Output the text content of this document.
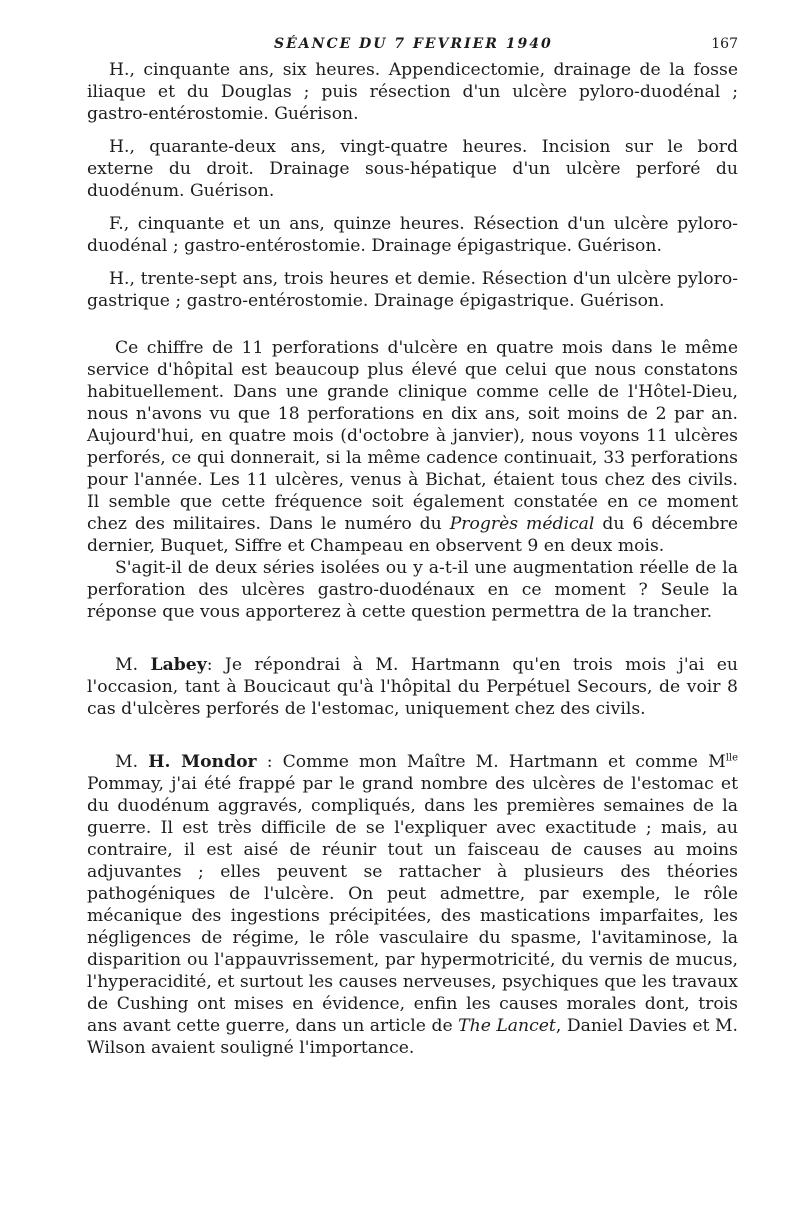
SÉANCE DU 7 FEVRIER 1940	167

H., cinquante ans, six heures. Appendicectomie, drainage de la fosse iliaque et du Douglas ; puis résection d'un ulcère pyloro-duodénal ; gastro-entérostomie. Guérison.

H., quarante-deux ans, vingt-quatre heures. Incision sur le bord externe du droit. Drainage sous-hépatique d'un ulcère perforé du duodénum. Guérison.

F., cinquante et un ans, quinze heures. Résection d'un ulcère pyloro-duodénal ; gastro-entérostomie. Drainage épigastrique. Guérison.

H., trente-sept ans, trois heures et demie. Résection d'un ulcère pyloro-gastrique ; gastro-entérostomie. Drainage épigastrique. Guérison.

Ce chiffre de 11 perforations d'ulcère en quatre mois dans le même service d'hôpital est beaucoup plus élevé que celui que nous constatons habituellement. Dans une grande clinique comme celle de l'Hôtel-Dieu, nous n'avons vu que 18 perforations en dix ans, soit moins de 2 par an. Aujourd'hui, en quatre mois (d'octobre à janvier), nous voyons 11 ulcères perforés, ce qui donnerait, si la même cadence continuait, 33 perforations pour l'année. Les 11 ulcères, venus à Bichat, étaient tous chez des civils. Il semble que cette fréquence soit également constatée en ce moment chez des militaires. Dans le numéro du Progrès médical du 6 décembre dernier, Buquet, Siffre et Champeau en observent 9 en deux mois.

S'agit-il de deux séries isolées ou y a-t-il une augmentation réelle de la perforation des ulcères gastro-duodénaux en ce moment ? Seule la réponse que vous apporterez à cette question permettra de la trancher.

M. Labey: Je répondrai à M. Hartmann qu'en trois mois j'ai eu l'occasion, tant à Boucicaut qu'à l'hôpital du Perpétuel Secours, de voir 8 cas d'ulcères perforés de l'estomac, uniquement chez des civils.

M. H. Mondor : Comme mon Maître M. Hartmann et comme $M^{lle}$ Pommay, j'ai été frappé par le grand nombre des ulcères de l'estomac et du duodénum aggravés, compliqués, dans les premières semaines de la guerre. Il est très difficile de se l'expliquer avec exactitude ; mais, au contraire, il est aisé de réunir tout un faisceau de causes au moins adjuvantes ; elles peuvent se rattacher à plusieurs des théories pathogéniques de l'ulcère. On peut admettre, par exemple, le rôle mécanique des ingestions précipitées, des mastications imparfaites, les négligences de régime, le rôle vasculaire du spasme, l'avitaminose, la disparition ou l'appauvrissement, par hypermotricité, du vernis de mucus, l'hyperacidité, et surtout les causes nerveuses, psychiques que les travaux de Cushing ont mises en évidence, enfin les causes morales dont, trois ans avant cette guerre, dans un article de The Lancet, Daniel Davies et M. Wilson avaient souligné l'importance.
